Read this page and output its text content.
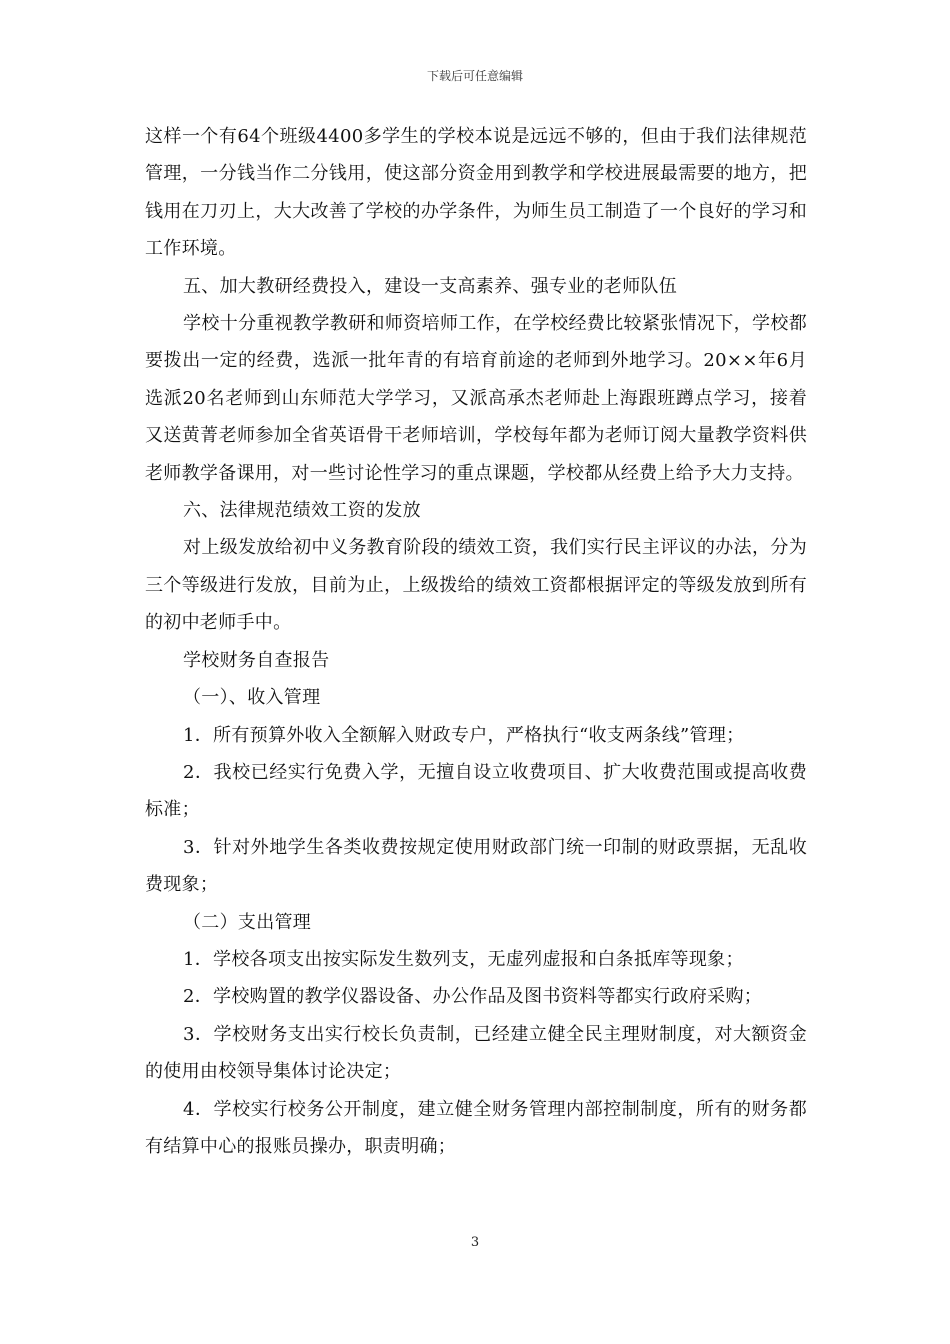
下载后可任意编辑

这样一个有64个班级4400多学生的学校本说是远远不够的，但由于我们法律规范管理，一分钱当作二分钱用，使这部分资金用到教学和学校进展最需要的地方，把钱用在刀刃上，大大改善了学校的办学条件，为师生员工制造了一个良好的学习和工作环境。

五、加大教研经费投入，建设一支高素养、强专业的老师队伍

学校十分重视教学教研和师资培师工作，在学校经费比较紧张情况下，学校都要拨出一定的经费，选派一批年青的有培育前途的老师到外地学习。20××年6月选派20名老师到山东师范大学学习，又派高承杰老师赴上海跟班蹲点学习，接着又送黄菁老师参加全省英语骨干老师培训，学校每年都为老师订阅大量教学资料供老师教学备课用，对一些讨论性学习的重点课题，学校都从经费上给予大力支持。

六、法律规范绩效工资的发放

对上级发放给初中义务教育阶段的绩效工资，我们实行民主评议的办法，分为三个等级进行发放，目前为止，上级拨给的绩效工资都根据评定的等级发放到所有的初中老师手中。

学校财务自查报告

（一）、收入管理

1．所有预算外收入全额解入财政专户，严格执行“收支两条线”管理；

2．我校已经实行免费入学，无擅自设立收费项目、扩大收费范围或提高收费标准；

3．针对外地学生各类收费按规定使用财政部门统一印制的财政票据，无乱收费现象；

（二）支出管理

1．学校各项支出按实际发生数列支，无虚列虚报和白条抵库等现象；

2．学校购置的教学仪器设备、办公作品及图书资料等都实行政府采购；

3．学校财务支出实行校长负责制，已经建立健全民主理财制度，对大额资金的使用由校领导集体讨论决定；

4．学校实行校务公开制度，建立健全财务管理内部控制制度，所有的财务都有结算中心的报账员操办，职责明确；

3
